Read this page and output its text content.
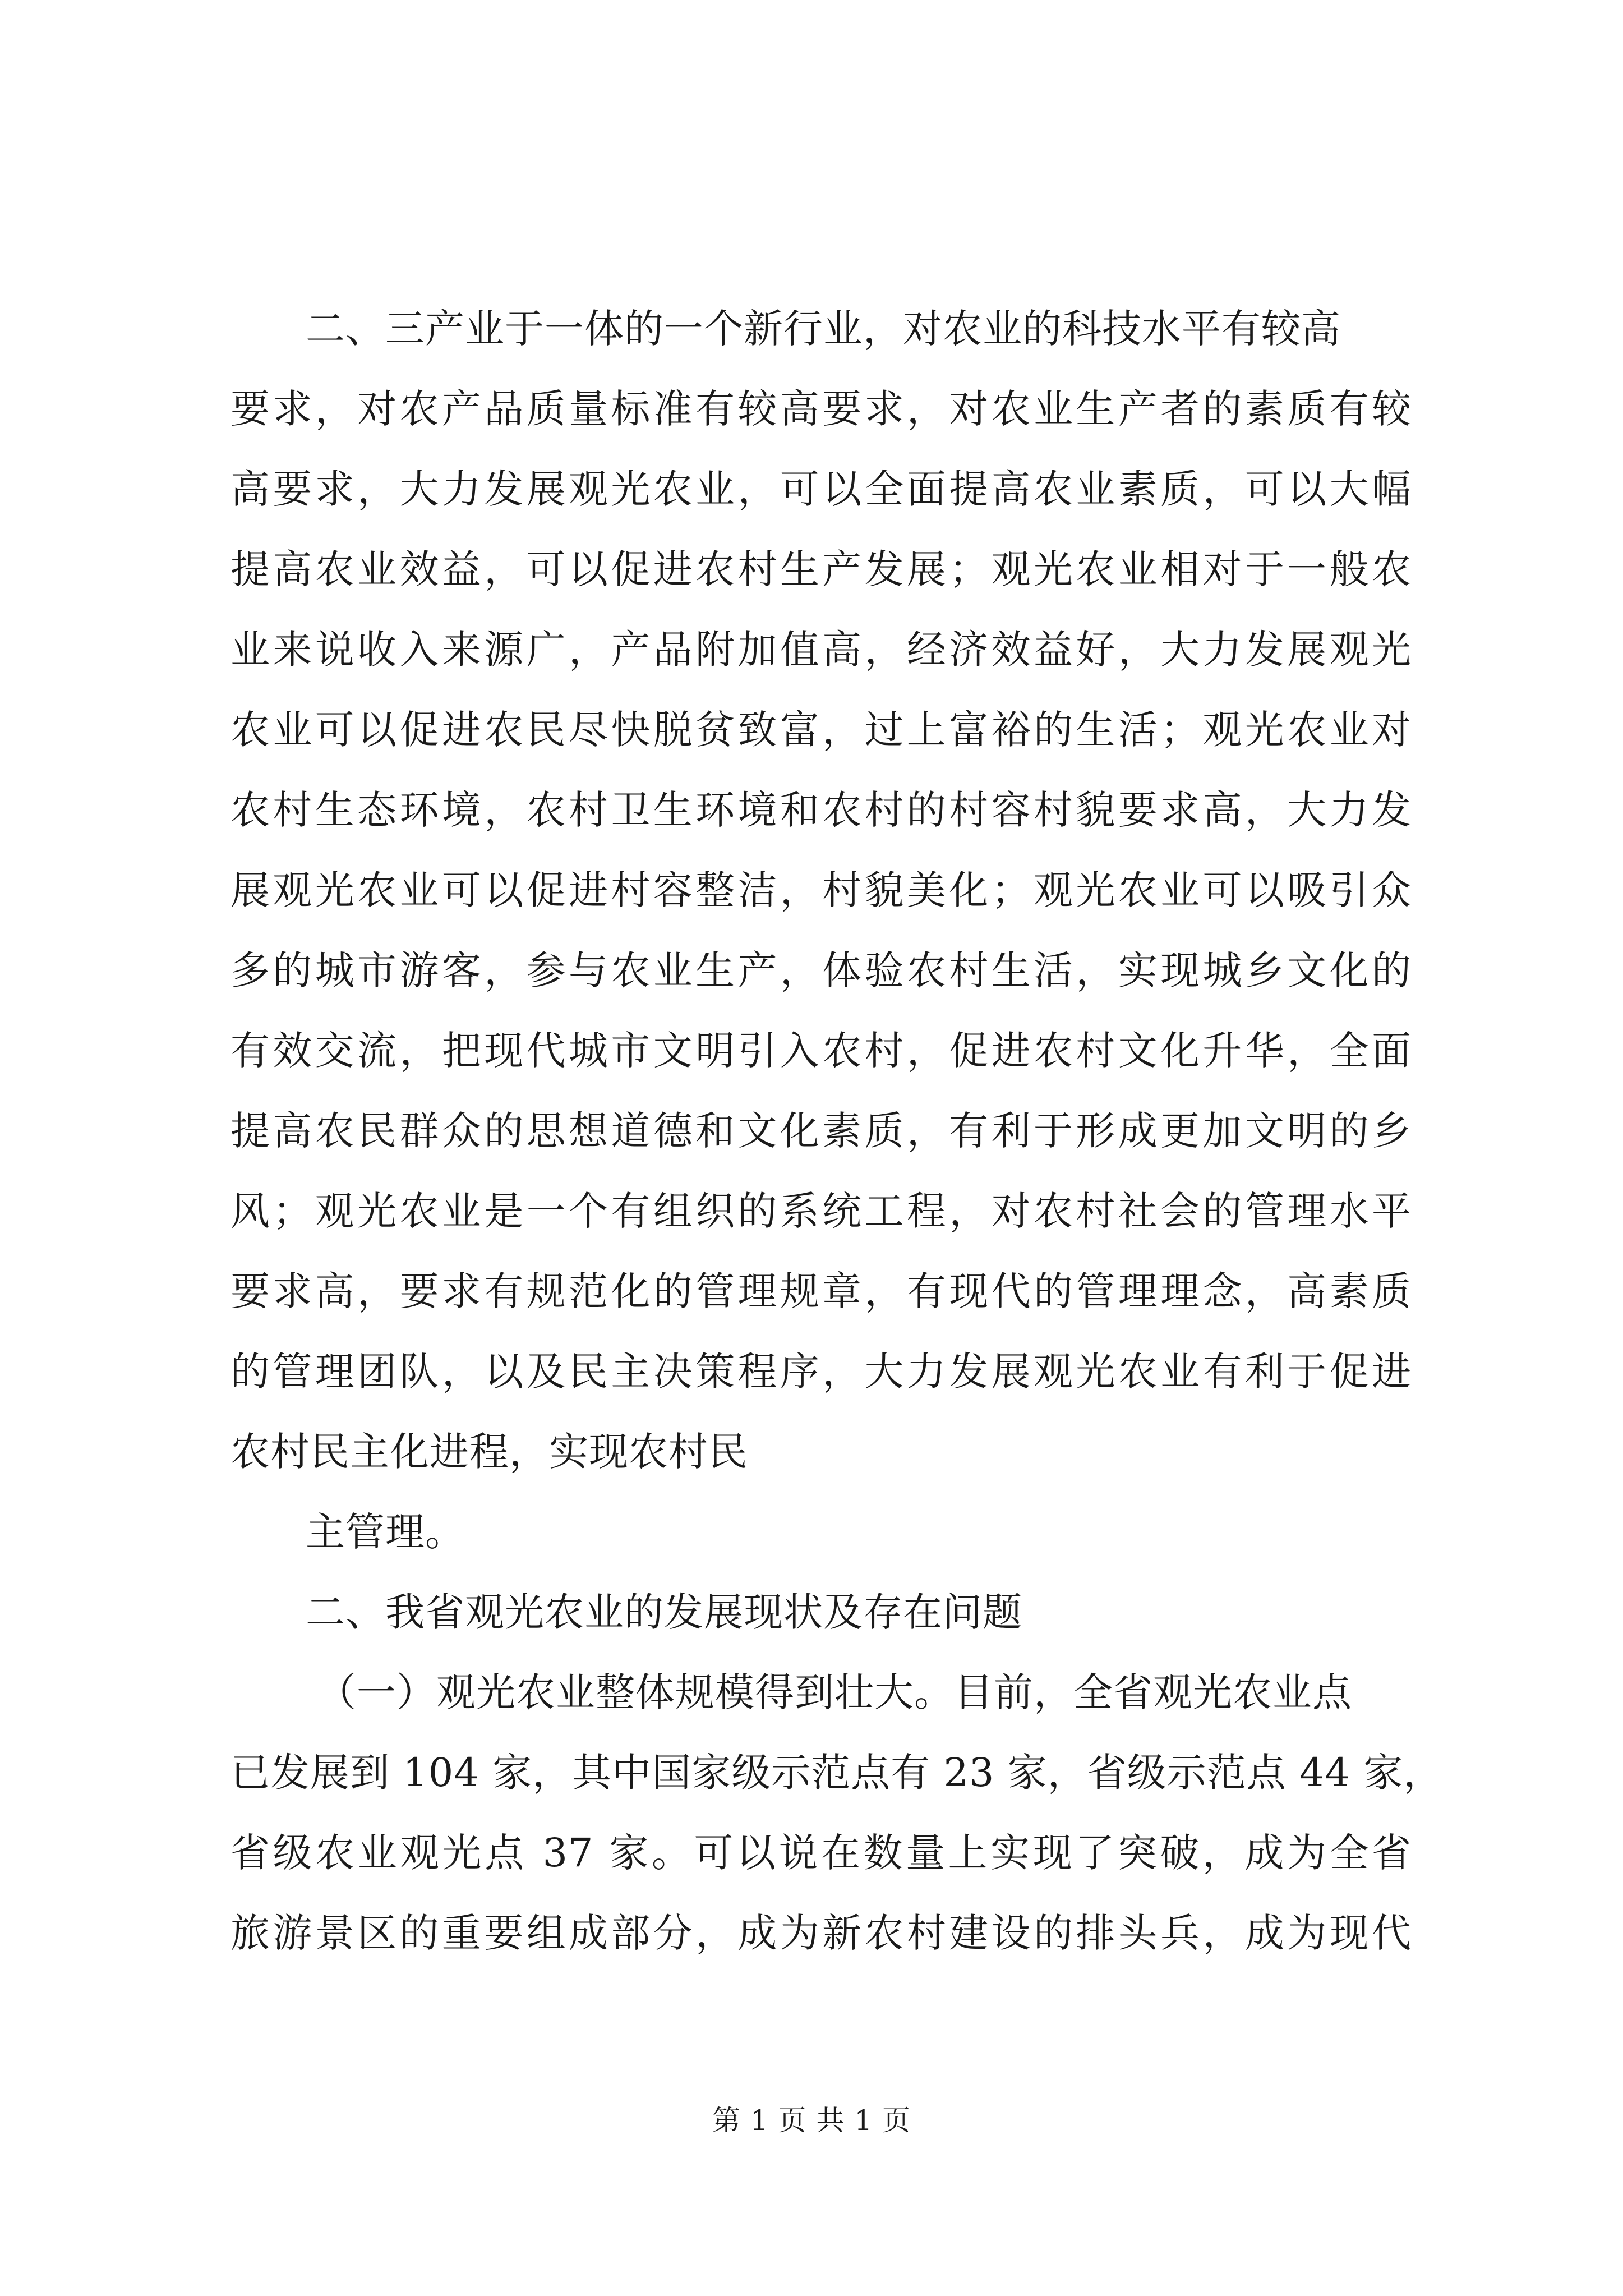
二、三产业于一体的一个新行业，对农业的科技水平有较高
要求，对农产品质量标准有较高要求，对农业生产者的素质有较
高要求，大力发展观光农业，可以全面提高农业素质，可以大幅
提高农业效益，可以促进农村生产发展；观光农业相对于一般农
业来说收入来源广，产品附加值高，经济效益好，大力发展观光
农业可以促进农民尽快脱贫致富，过上富裕的生活；观光农业对
农村生态环境，农村卫生环境和农村的村容村貌要求高，大力发
展观光农业可以促进村容整洁，村貌美化；观光农业可以吸引众
多的城市游客，参与农业生产，体验农村生活，实现城乡文化的
有效交流，把现代城市文明引入农村，促进农村文化升华，全面
提高农民群众的思想道德和文化素质，有利于形成更加文明的乡
风；观光农业是一个有组织的系统工程，对农村社会的管理水平
要求高，要求有规范化的管理规章，有现代的管理理念，高素质
的管理团队，以及民主决策程序，大力发展观光农业有利于促进
农村民主化进程，实现农村民
主管理。
二、我省观光农业的发展现状及存在问题
（一）观光农业整体规模得到壮大。目前，全省观光农业点
已发展到 104 家，其中国家级示范点有 23 家，省级示范点 44 家，
省级农业观光点 37 家。可以说在数量上实现了突破，成为全省
旅游景区的重要组成部分，成为新农村建设的排头兵，成为现代
第 1 页 共 1 页
